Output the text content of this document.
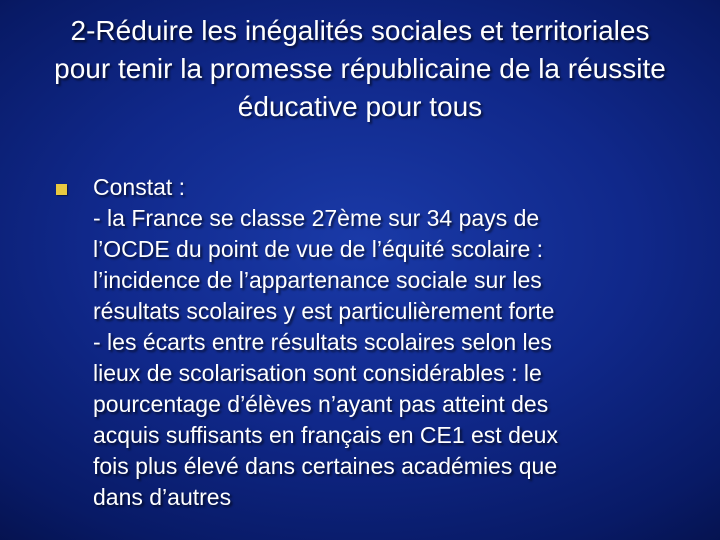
2-Réduire les inégalités sociales et territoriales
pour tenir la promesse républicaine de la réussite
éducative pour tous
Constat :
- la France se classe 27ème sur 34 pays de
l’OCDE du point de vue de l’équité scolaire :
l’incidence de l’appartenance sociale sur les
résultats scolaires y est particulièrement forte
- les écarts entre résultats scolaires selon les
lieux de scolarisation sont considérables : le
pourcentage d’élèves n’ayant pas atteint des
acquis suffisants en français en CE1 est deux
fois plus élevé dans certaines académies que
dans d’autres
